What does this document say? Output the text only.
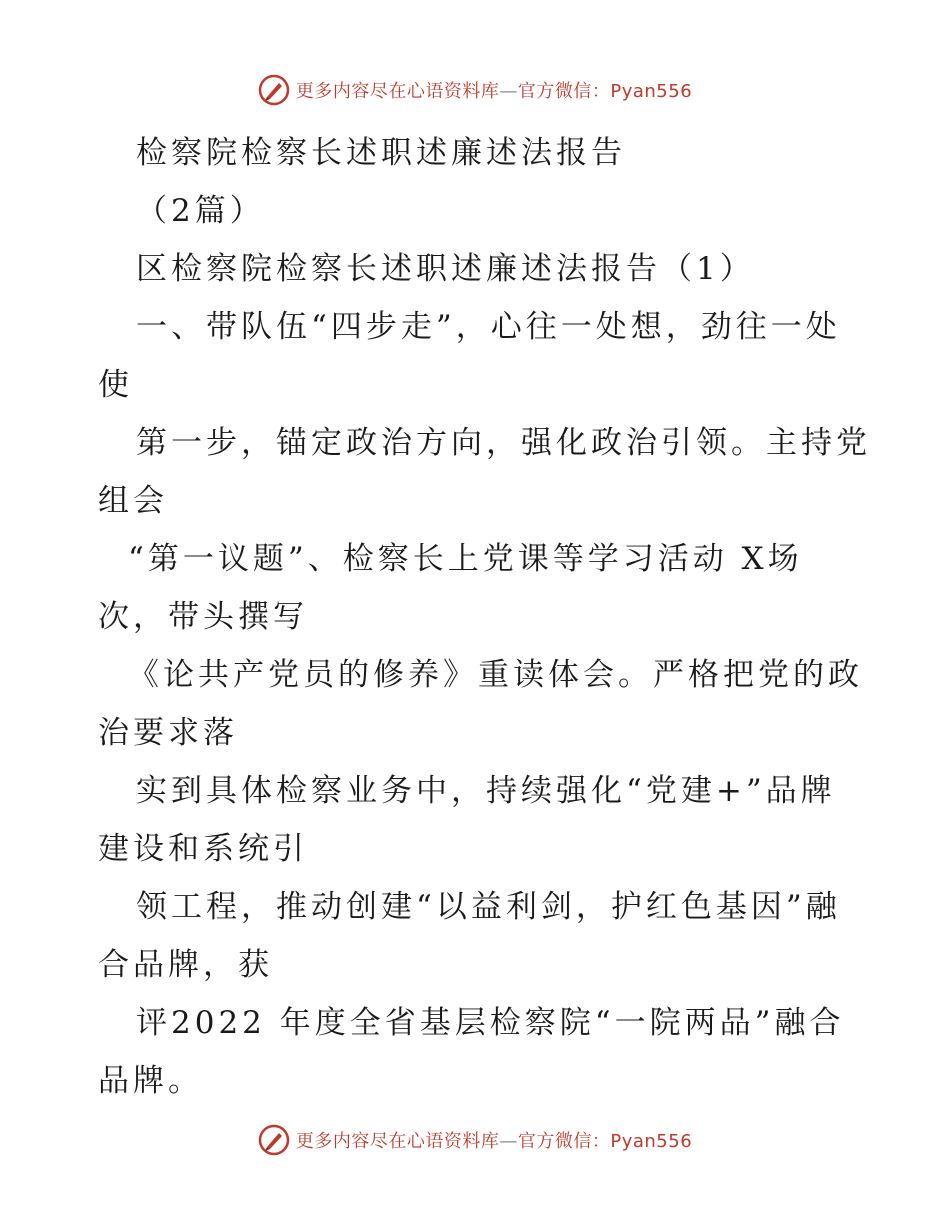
更多内容尽在心语资料库—官方微信：Pyan556
检察院检察长述职述廉述法报告
（2篇）
区检察院检察长述职述廉述法报告（1）
一、带队伍“四步走”，心往一处想，劲往一处
使
第一步，锚定政治方向，强化政治引领。主持党
组会
“第一议题”、检察长上党课等学习活动 X场
次，带头撰写
《论共产党员的修养》重读体会。严格把党的政
治要求落
实到具体检察业务中，持续强化“党建+”品牌
建设和系统引
领工程，推动创建“以益利剑，护红色基因”融
合品牌，获
评2022 年度全省基层检察院“一院两品”融合
品牌。
更多内容尽在心语资料库—官方微信：Pyan556
